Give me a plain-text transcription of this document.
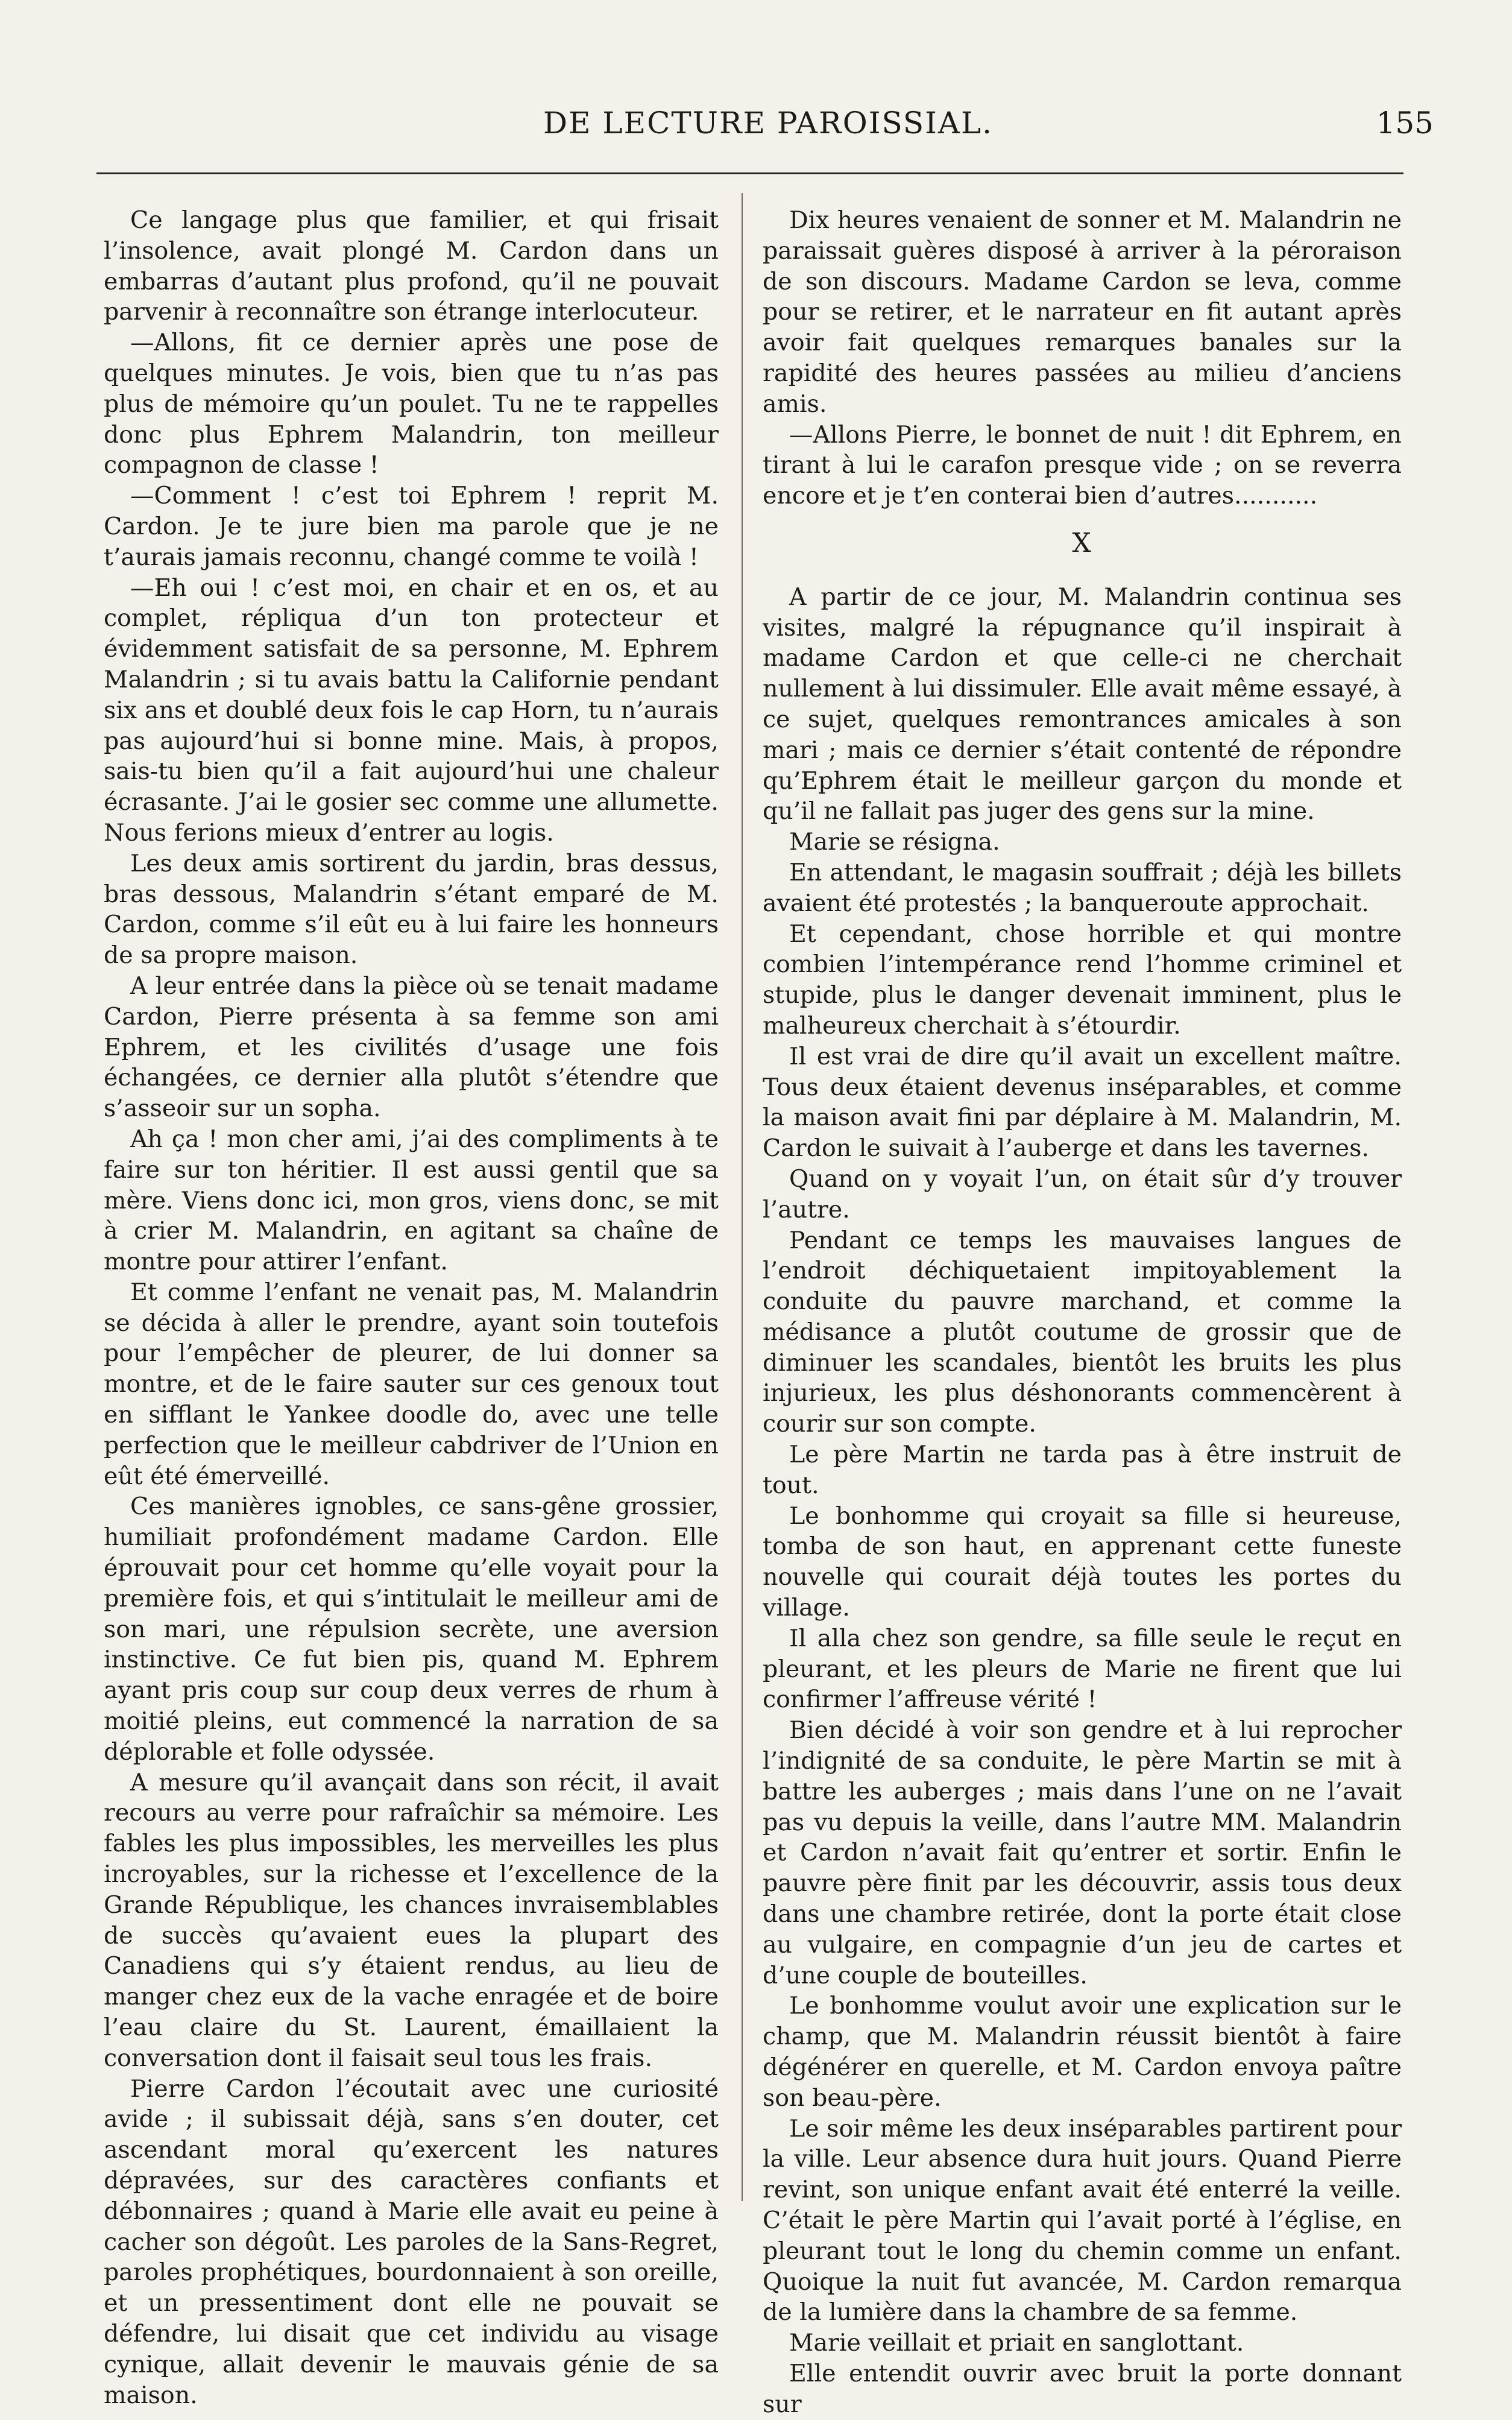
DE LECTURE PAROISSIAL.	155

Ce langage plus que familier, et qui frisait l’insolence, avait plongé M. Cardon dans un embarras d’autant plus profond, qu’il ne pouvait parvenir à reconnaître son étrange interlocuteur.

—Allons, fit ce dernier après une pose de quelques minutes. Je vois, bien que tu n’as pas plus de mémoire qu’un poulet. Tu ne te rappelles donc plus Ephrem Malandrin, ton meilleur compagnon de classe !

—Comment ! c’est toi Ephrem ! reprit M. Cardon. Je te jure bien ma parole que je ne t’aurais jamais reconnu, changé comme te voilà !

—Eh oui ! c’est moi, en chair et en os, et au complet, répliqua d’un ton protecteur et évidemment satisfait de sa personne, M. Ephrem Malandrin ; si tu avais battu la Californie pendant six ans et doublé deux fois le cap Horn, tu n’aurais pas aujourd’hui si bonne mine. Mais, à propos, sais-tu bien qu’il a fait aujourd’hui une chaleur écrasante. J’ai le gosier sec comme une allumette. Nous ferions mieux d’entrer au logis.

Les deux amis sortirent du jardin, bras dessus, bras dessous, Malandrin s’étant emparé de M. Cardon, comme s’il eût eu à lui faire les honneurs de sa propre maison.

A leur entrée dans la pièce où se tenait madame Cardon, Pierre présenta à sa femme son ami Ephrem, et les civilités d’usage une fois échangées, ce dernier alla plutôt s’étendre que s’asseoir sur un sopha.

Ah ça ! mon cher ami, j’ai des compliments à te faire sur ton héritier. Il est aussi gentil que sa mère. Viens donc ici, mon gros, viens donc, se mit à crier M. Malandrin, en agitant sa chaîne de montre pour attirer l’enfant.

Et comme l’enfant ne venait pas, M. Malandrin se décida à aller le prendre, ayant soin toutefois pour l’empêcher de pleurer, de lui donner sa montre, et de le faire sauter sur ces genoux tout en sifflant le Yankee doodle do, avec une telle perfection que le meilleur cabdriver de l’Union en eût été émerveillé.

Ces manières ignobles, ce sans-gêne grossier, humiliait profondément madame Cardon. Elle éprouvait pour cet homme qu’elle voyait pour la première fois, et qui s’intitulait le meilleur ami de son mari, une répulsion secrète, une aversion instinctive. Ce fut bien pis, quand M. Ephrem ayant pris coup sur coup deux verres de rhum à moitié pleins, eut commencé la narration de sa déplorable et folle odyssée.

A mesure qu’il avançait dans son récit, il avait recours au verre pour rafraîchir sa mémoire. Les fables les plus impossibles, les merveilles les plus incroyables, sur la richesse et l’excellence de la Grande République, les chances invraisemblables de succès qu’avaient eues la plupart des Canadiens qui s’y étaient rendus, au lieu de manger chez eux de la vache enragée et de boire l’eau claire du St. Laurent, émaillaient la conversation dont il faisait seul tous les frais.

Pierre Cardon l’écoutait avec une curiosité avide ; il subissait déjà, sans s’en douter, cet ascendant moral qu’exercent les natures dépravées, sur des caractères confiants et débonnaires ; quand à Marie elle avait eu peine à cacher son dégoût. Les paroles de la Sans-Regret, paroles prophétiques, bourdonnaient à son oreille, et un pressentiment dont elle ne pouvait se défendre, lui disait que cet individu au visage cynique, allait devenir le mauvais génie de sa maison.

Dix heures venaient de sonner et M. Malandrin ne paraissait guères disposé à arriver à la péroraison de son discours. Madame Cardon se leva, comme pour se retirer, et le narrateur en fit autant après avoir fait quelques remarques banales sur la rapidité des heures passées au milieu d’anciens amis.

—Allons Pierre, le bonnet de nuit ! dit Ephrem, en tirant à lui le carafon presque vide ; on se reverra encore et je t’en conterai bien d’autres...........

X

A partir de ce jour, M. Malandrin continua ses visites, malgré la répugnance qu’il inspirait à madame Cardon et que celle-ci ne cherchait nullement à lui dissimuler. Elle avait même essayé, à ce sujet, quelques remontrances amicales à son mari ; mais ce dernier s’était contenté de répondre qu’Ephrem était le meilleur garçon du monde et qu’il ne fallait pas juger des gens sur la mine.

Marie se résigna.

En attendant, le magasin souffrait ; déjà les billets avaient été protestés ; la banqueroute approchait.

Et cependant, chose horrible et qui montre combien l’intempérance rend l’homme criminel et stupide, plus le danger devenait imminent, plus le malheureux cherchait à s’étourdir.

Il est vrai de dire qu’il avait un excellent maître. Tous deux étaient devenus inséparables, et comme la maison avait fini par déplaire à M. Malandrin, M. Cardon le suivait à l’auberge et dans les tavernes.

Quand on y voyait l’un, on était sûr d’y trouver l’autre.

Pendant ce temps les mauvaises langues de l’endroit déchiquetaient impitoyablement la conduite du pauvre marchand, et comme la médisance a plutôt coutume de grossir que de diminuer les scandales, bientôt les bruits les plus injurieux, les plus déshonorants commencèrent à courir sur son compte.

Le père Martin ne tarda pas à être instruit de tout.

Le bonhomme qui croyait sa fille si heureuse, tomba de son haut, en apprenant cette funeste nouvelle qui courait déjà toutes les portes du village.

Il alla chez son gendre, sa fille seule le reçut en pleurant, et les pleurs de Marie ne firent que lui confirmer l’affreuse vérité !

Bien décidé à voir son gendre et à lui reprocher l’indignité de sa conduite, le père Martin se mit à battre les auberges ; mais dans l’une on ne l’avait pas vu depuis la veille, dans l’autre MM. Malandrin et Cardon n’avait fait qu’entrer et sortir. Enfin le pauvre père finit par les découvrir, assis tous deux dans une chambre retirée, dont la porte était close au vulgaire, en compagnie d’un jeu de cartes et d’une couple de bouteilles.

Le bonhomme voulut avoir une explication sur le champ, que M. Malandrin réussit bientôt à faire dégénérer en querelle, et M. Cardon envoya paître son beau-père.

Le soir même les deux inséparables partirent pour la ville. Leur absence dura huit jours. Quand Pierre revint, son unique enfant avait été enterré la veille. C’était le père Martin qui l’avait porté à l’église, en pleurant tout le long du chemin comme un enfant. Quoique la nuit fut avancée, M. Cardon remarqua de la lumière dans la chambre de sa femme.

Marie veillait et priait en sanglottant.

Elle entendit ouvrir avec bruit la porte donnant sur
